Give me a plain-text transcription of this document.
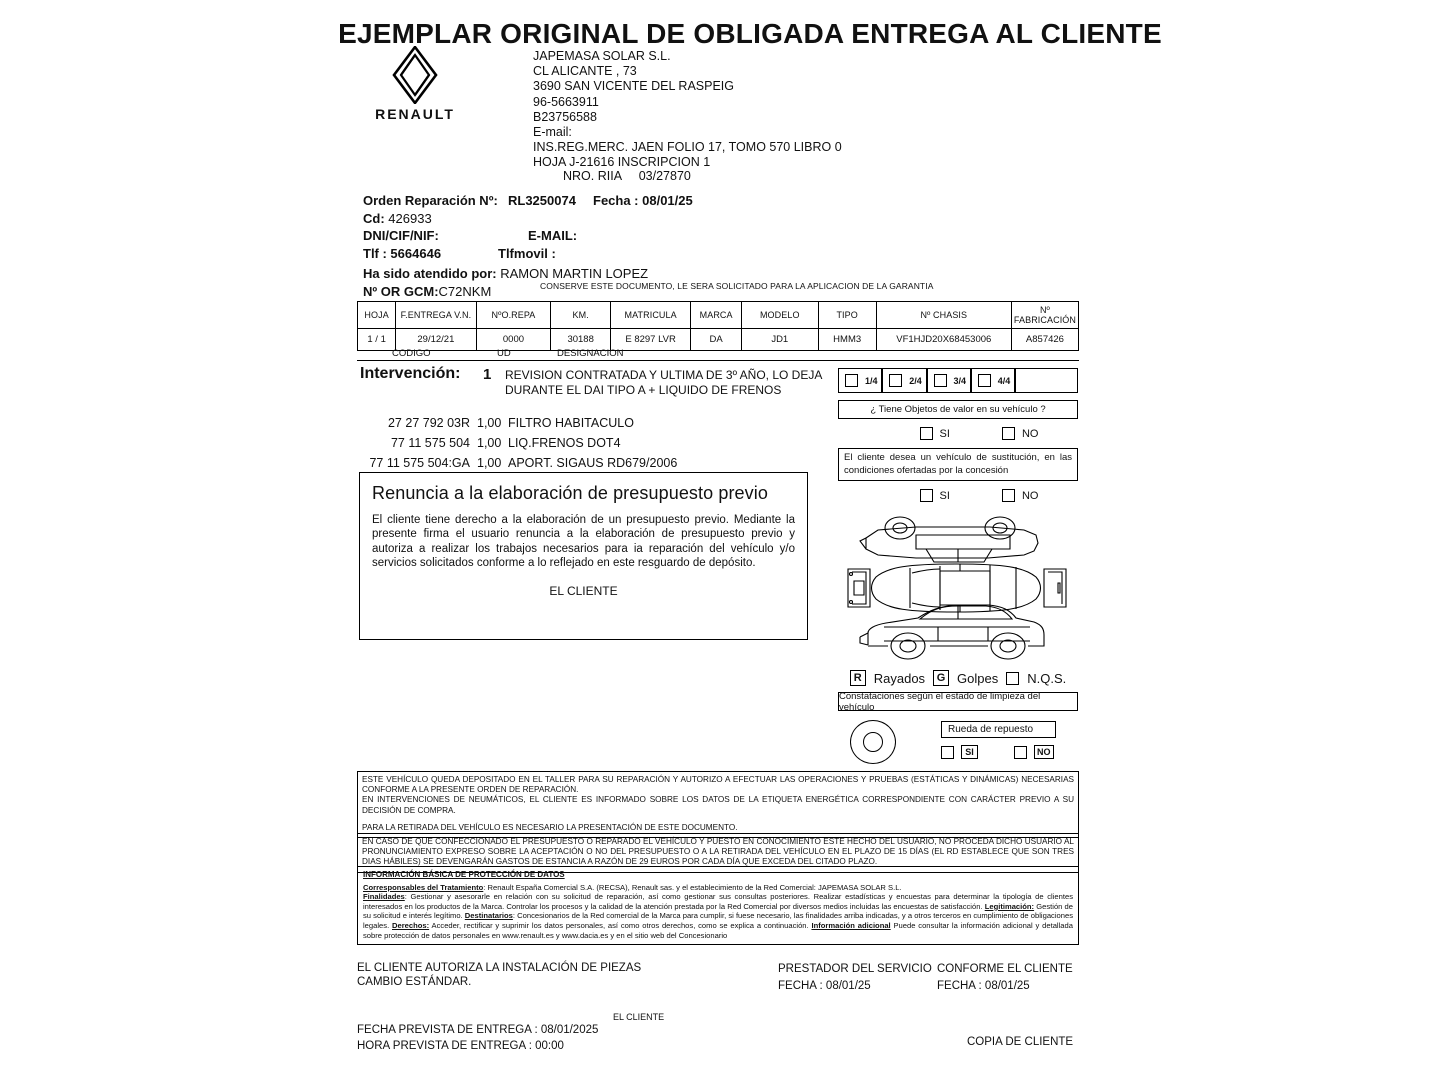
EJEMPLAR ORIGINAL DE OBLIGADA ENTREGA AL CLIENTE
RENAULT
JAPEMASA SOLAR S.L.
CL ALICANTE , 73
3690 SAN VICENTE DEL RASPEIG
96-5663911
B23756588
E-mail:
INS.REG.MERC. JAEN FOLIO 17, TOMO 570 LIBRO 0
HOJA J-21616 INSCRIPCION 1
NRO. RIIA 03/27870
Orden Reparación Nº: RL3250074 Fecha : 08/01/25
Cd: 426933
DNI/CIF/NIF:	E-MAIL:
Tlf : 5664646	Tlfmovil :
Ha sido atendido por: RAMON MARTIN LOPEZ
Nº OR GCM:C72NKM	CONSERVE ESTE DOCUMENTO, LE SERA SOLICITADO PARA LA APLICACION DE LA GARANTIA
HOJA	F.ENTREGA V.N.	NºO.REPA	KM.	MATRICULA	MARCA	MODELO	TIPO	Nº CHASIS	Nº FABRICACIÓN
1 / 1	29/12/21	0000	30188	E 8297 LVR	DA	JD1	HMM3	VF1HJD20X68453006	A857426
CODIGO	UD	DESIGNACION
Intervención: 1 REVISION CONTRATADA Y ULTIMA DE 3º AÑO, LO DEJA
DURANTE EL DAI TIPO A + LIQUIDO DE FRENOS
27 27 792 03R 1,00 FILTRO HABITACULO
77 11 575 504 1,00 LIQ.FRENOS DOT4
77 11 575 504:GA 1,00 APORT. SIGAUS RD679/2006
Renuncia a la elaboración de presupuesto previo

El cliente tiene derecho a la elaboración de un presupuesto previo. Mediante la presente firma el usuario renuncia a la elaboración de presupuesto previo y autoriza a realizar los trabajos necesarios para ia reparación del vehículo y/o servicios solicitados conforme a lo reflejado en este resguardo de depósito.

EL CLIENTE
1/4	2/4	3/4	4/4
¿ Tiene Objetos de valor en su vehículo ?
SI	NO
El cliente desea un vehículo de sustitución, en las condiciones ofertadas por la concesión
SI	NO
R Rayados	G Golpes N.Q.S.
Constataciones según el estado de limpieza del vehículo
Rueda de repuesto
SI	NO
ESTE VEHÍCULO QUEDA DEPOSITADO EN EL TALLER PARA SU REPARACIÓN Y AUTORIZO A EFECTUAR LAS OPERACIONES Y PRUEBAS (ESTÁTICAS Y DINÁMICAS) NECESARIAS CONFORME A LA PRESENTE ORDEN DE REPARACIÓN.
EN INTERVENCIONES DE NEUMÁTICOS, EL CLIENTE ES INFORMADO SOBRE LOS DATOS DE LA ETIQUETA ENERGÉTICA CORRESPONDIENTE CON CARÁCTER PREVIO A SU DECISIÓN DE COMPRA.
PARA LA RETIRADA DEL VEHÍCULO ES NECESARIO LA PRESENTACIÓN DE ESTE DOCUMENTO.
EN CASO DE QUE CONFECCIONADO EL PRESUPUESTO O REPARADO EL VEHÍCULO Y PUESTO EN CONOCIMIENTO ESTE HECHO DEL USUARIO, NO PROCEDA DICHO USUARIO AL PRONUNCIAMIENTO EXPRESO SOBRE LA ACEPTACIÓN O NO DEL PRESUPUESTO O A LA RETIRADA DEL VEHÍCULO EN EL PLAZO DE 15 DÍAS (EL RD ESTABLECE QUE SON TRES DIAS HÁBILES) SE DEVENGARÁN GASTOS DE ESTANCIA A RAZÓN DE 29 EUROS POR CADA DÍA QUE EXCEDA DEL CITADO PLAZO.
INFORMACIÓN BÁSICA DE PROTECCIÓN DE DATOS
Corresponsables del Tratamiento: Renault España Comercial S.A. (RECSA), Renault sas. y el establecimiento de la Red Comercial: JAPEMASA SOLAR S.L.
Finalidades: Gestionar y asesorarle en relación con su solicitud de reparación, así como gestionar sus consultas posteriores. Realizar estadísticas y encuestas para determinar la tipología de clientes interesados en los productos de la Marca. Controlar los procesos y la calidad de la atención prestada por la Red Comercial por diversos medios incluidas las encuestas de satisfacción. Legitimación: Gestión de su solicitud e interés legítimo. Destinatarios: Concesionarios de la Red comercial de la Marca para cumplir, si fuese necesario, las finalidades arriba indicadas, y a otros terceros en cumplimiento de obligaciones legales. Derechos: Acceder, rectificar y suprimir los datos personales, así como otros derechos, como se explica a continuación. Información adicional Puede consultar la información adicional y detallada sobre protección de datos personales en www.renault.es y www.dacia.es y en el sitio web del Concesionario
EL CLIENTE AUTORIZA LA INSTALACIÓN DE PIEZAS
CAMBIO ESTÁNDAR.
PRESTADOR DEL SERVICIO
FECHA : 08/01/25
CONFORME EL CLIENTE
FECHA : 08/01/25
EL CLIENTE
FECHA PREVISTA DE ENTREGA : 08/01/2025
HORA PREVISTA DE ENTREGA : 00:00	COPIA DE CLIENTE
